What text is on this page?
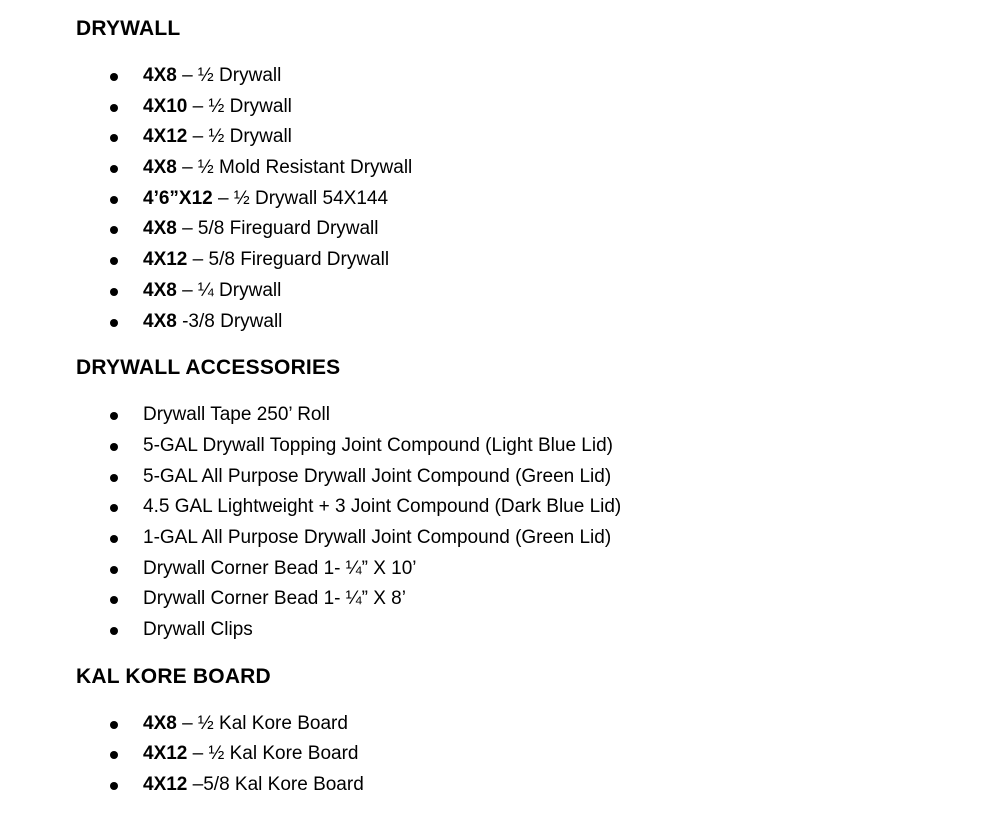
DRYWALL
4X8 – ½ Drywall
4X10 – ½ Drywall
4X12 – ½ Drywall
4X8 – ½ Mold Resistant Drywall
4’6”X12 – ½ Drywall 54X144
4X8 – 5/8 Fireguard Drywall
4X12 – 5/8 Fireguard Drywall
4X8 – ¼ Drywall
4X8 -3/8 Drywall
DRYWALL ACCESSORIES
Drywall Tape 250’ Roll
5-GAL Drywall Topping Joint Compound (Light Blue Lid)
5-GAL All Purpose Drywall Joint Compound (Green Lid)
4.5 GAL Lightweight + 3 Joint Compound (Dark Blue Lid)
1-GAL All Purpose Drywall Joint Compound (Green Lid)
Drywall Corner Bead 1- ¼” X 10’
Drywall Corner Bead 1- ¼” X 8’
Drywall Clips
KAL KORE BOARD
4X8 – ½ Kal Kore Board
4X12 – ½ Kal Kore Board
4X12 –5/8 Kal Kore Board
